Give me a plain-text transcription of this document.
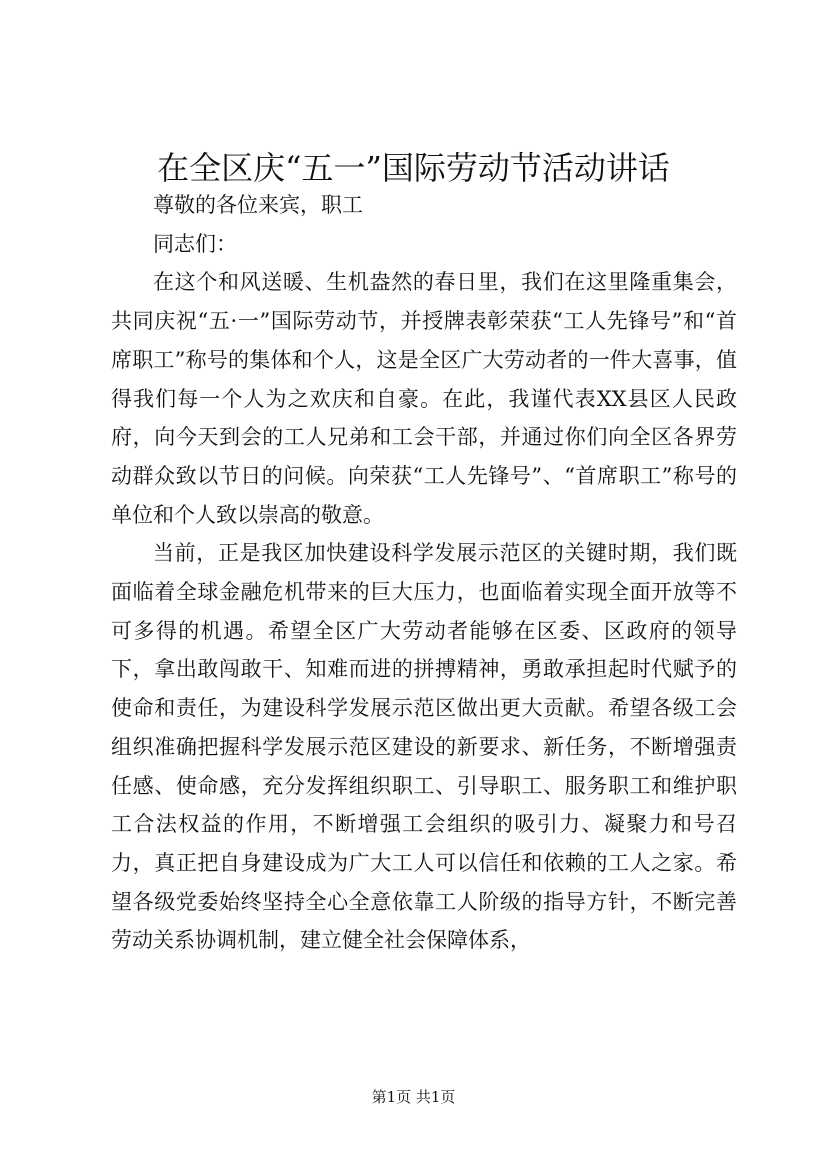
在全区庆“五一”国际劳动节活动讲话

尊敬的各位来宾，职工

同志们：

在这个和风送暖、生机盎然的春日里，我们在这里隆重集会，共同庆祝“五·一”国际劳动节，并授牌表彰荣获“工人先锋号”和“首席职工”称号的集体和个人，这是全区广大劳动者的一件大喜事，值得我们每一个人为之欢庆和自豪。在此，我谨代表XX县区人民政府，向今天到会的工人兄弟和工会干部，并通过你们向全区各界劳动群众致以节日的问候。向荣获“工人先锋号”、“首席职工”称号的单位和个人致以崇高的敬意。

当前，正是我区加快建设科学发展示范区的关键时期，我们既面临着全球金融危机带来的巨大压力，也面临着实现全面开放等不可多得的机遇。希望全区广大劳动者能够在区委、区政府的领导下，拿出敢闯敢干、知难而进的拼搏精神，勇敢承担起时代赋予的使命和责任，为建设科学发展示范区做出更大贡献。希望各级工会组织准确把握科学发展示范区建设的新要求、新任务，不断增强责任感、使命感，充分发挥组织职工、引导职工、服务职工和维护职工合法权益的作用，不断增强工会组织的吸引力、凝聚力和号召力，真正把自身建设成为广大工人可以信任和依赖的工人之家。希望各级党委始终坚持全心全意依靠工人阶级的指导方针，不断完善劳动关系协调机制，建立健全社会保障体系，

第1页 共1页
